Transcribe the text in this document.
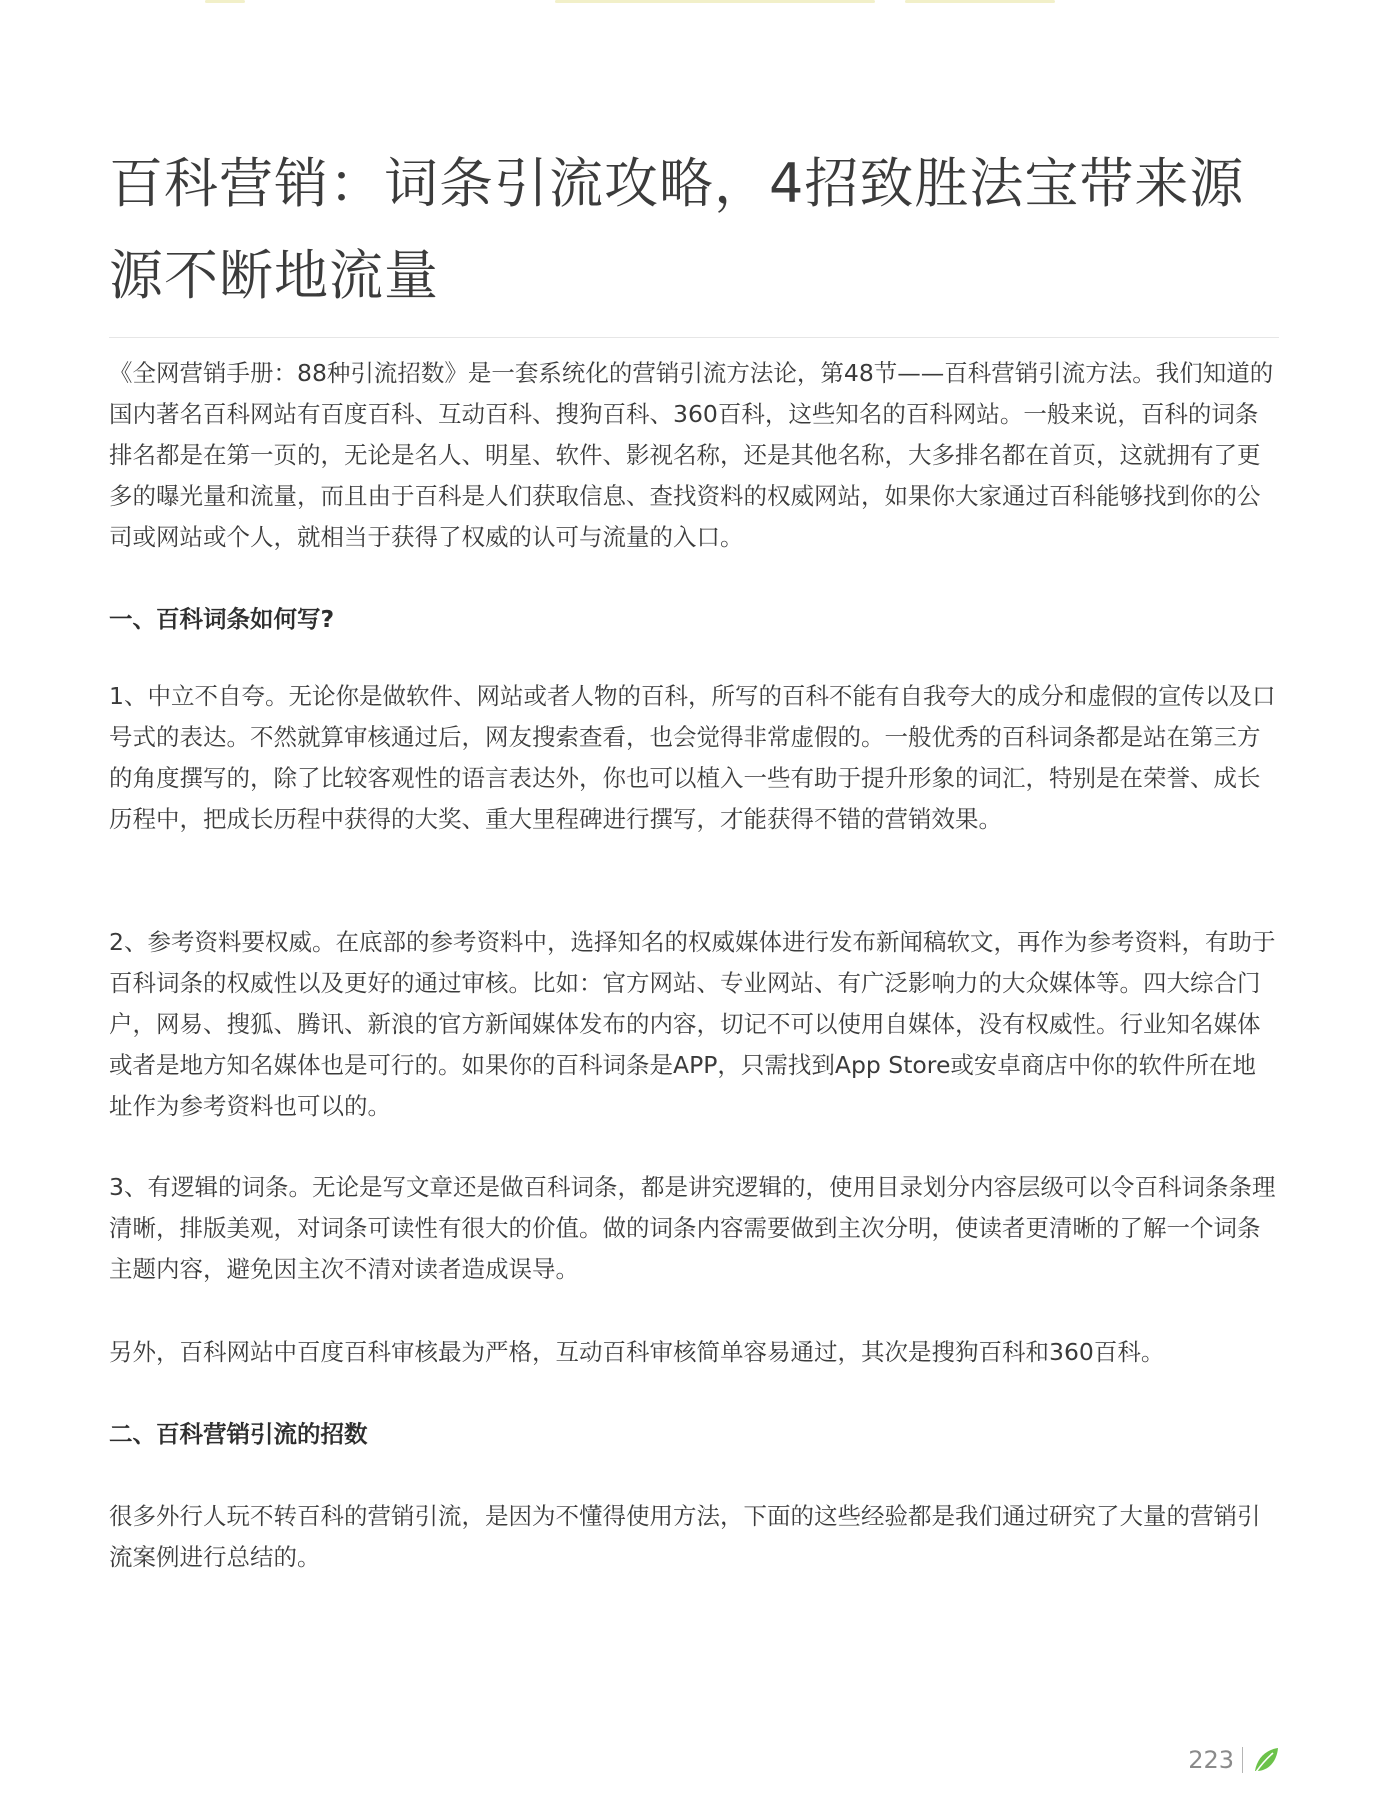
百科营销：词条引流攻略，4招致胜法宝带来源源不断地流量

《全网营销手册：88种引流招数》是一套系统化的营销引流方法论，第48节——百科营销引流方法。我们知道的国内著名百科网站有百度百科、互动百科、搜狗百科、360百科，这些知名的百科网站。一般来说，百科的词条排名都是在第一页的，无论是名人、明星、软件、影视名称，还是其他名称，大多排名都在首页，这就拥有了更多的曝光量和流量，而且由于百科是人们获取信息、查找资料的权威网站，如果你大家通过百科能够找到你的公司或网站或个人，就相当于获得了权威的认可与流量的入口。

一、百科词条如何写?

1、中立不自夸。无论你是做软件、网站或者人物的百科，所写的百科不能有自我夸大的成分和虚假的宣传以及口号式的表达。不然就算审核通过后，网友搜索查看，也会觉得非常虚假的。一般优秀的百科词条都是站在第三方的角度撰写的，除了比较客观性的语言表达外，你也可以植入一些有助于提升形象的词汇，特别是在荣誉、成长历程中，把成长历程中获得的大奖、重大里程碑进行撰写，才能获得不错的营销效果。

2、参考资料要权威。在底部的参考资料中，选择知名的权威媒体进行发布新闻稿软文，再作为参考资料，有助于百科词条的权威性以及更好的通过审核。比如：官方网站、专业网站、有广泛影响力的大众媒体等。四大综合门户，网易、搜狐、腾讯、新浪的官方新闻媒体发布的内容，切记不可以使用自媒体，没有权威性。行业知名媒体或者是地方知名媒体也是可行的。如果你的百科词条是APP，只需找到App Store或安卓商店中你的软件所在地址作为参考资料也可以的。

3、有逻辑的词条。无论是写文章还是做百科词条，都是讲究逻辑的，使用目录划分内容层级可以令百科词条条理清晰，排版美观，对词条可读性有很大的价值。做的词条内容需要做到主次分明，使读者更清晰的了解一个词条主题内容，避免因主次不清对读者造成误导。

另外，百科网站中百度百科审核最为严格，互动百科审核简单容易通过，其次是搜狗百科和360百科。

二、百科营销引流的招数

很多外行人玩不转百科的营销引流，是因为不懂得使用方法，下面的这些经验都是我们通过研究了大量的营销引流案例进行总结的。

223
